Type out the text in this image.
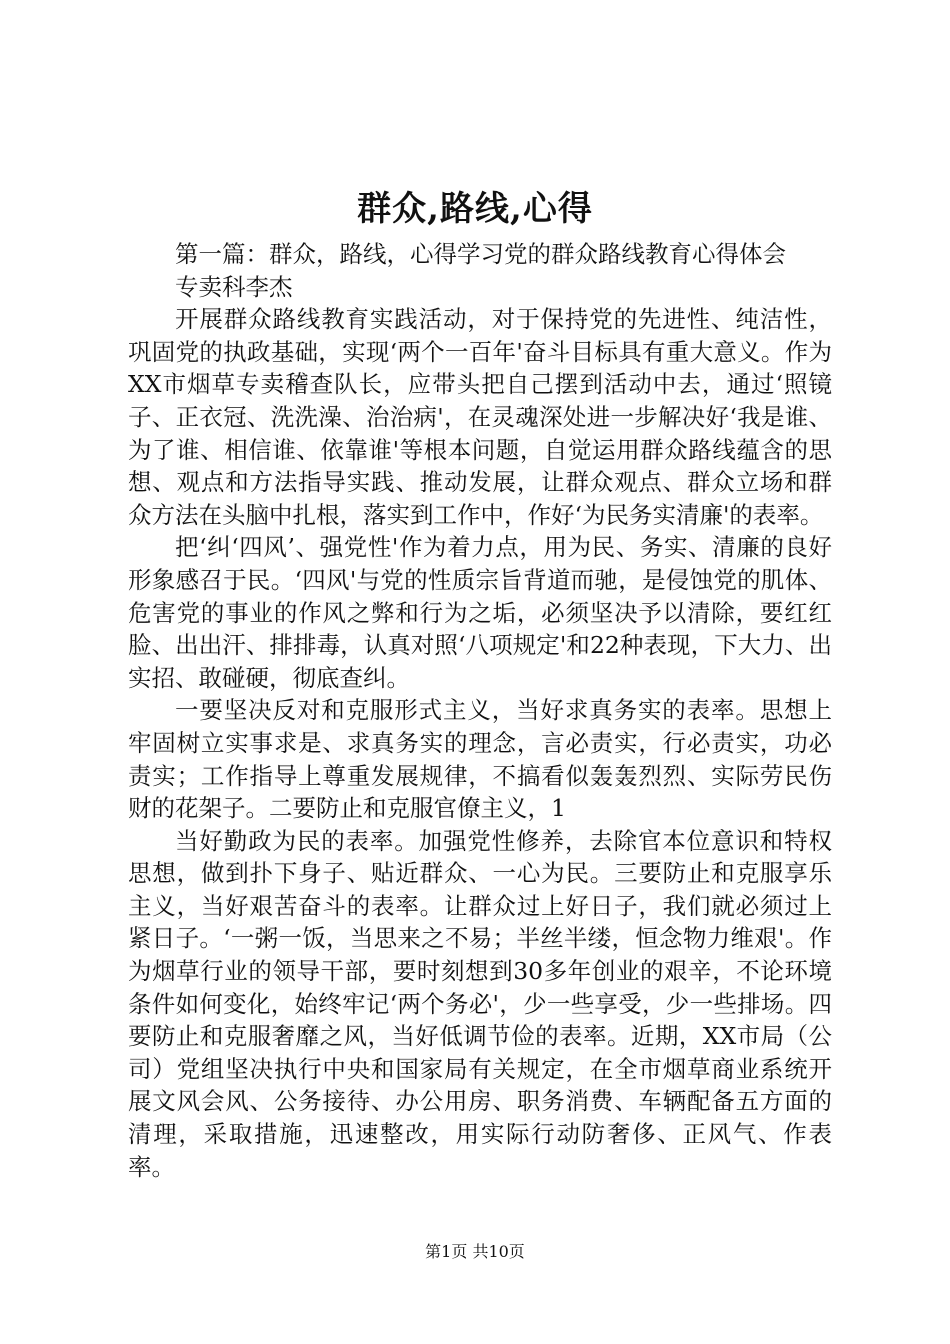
群众,路线,心得

第一篇：群众，路线，心得学习党的群众路线教育心得体会

专卖科李杰

开展群众路线教育实践活动，对于保持党的先进性、纯洁性，巩固党的执政基础，实现‘两个一百年'奋斗目标具有重大意义。作为XX市烟草专卖稽查队长，应带头把自己摆到活动中去，通过‘照镜子、正衣冠、洗洗澡、治治病'，在灵魂深处进一步解决好‘我是谁、为了谁、相信谁、依靠谁'等根本问题，自觉运用群众路线蕴含的思想、观点和方法指导实践、推动发展，让群众观点、群众立场和群众方法在头脑中扎根，落实到工作中，作好‘为民务实清廉'的表率。

把‘纠‘四风’、强党性'作为着力点，用为民、务实、清廉的良好形象感召于民。‘四风'与党的性质宗旨背道而驰，是侵蚀党的肌体、危害党的事业的作风之弊和行为之垢，必须坚决予以清除，要红红脸、出出汗、排排毒，认真对照‘八项规定'和22种表现，下大力、出实招、敢碰硬，彻底查纠。

一要坚决反对和克服形式主义，当好求真务实的表率。思想上牢固树立实事求是、求真务实的理念，言必责实，行必责实，功必责实；工作指导上尊重发展规律，不搞看似轰轰烈烈、实际劳民伤财的花架子。二要防止和克服官僚主义，1

当好勤政为民的表率。加强党性修养，去除官本位意识和特权思想，做到扑下身子、贴近群众、一心为民。三要防止和克服享乐主义，当好艰苦奋斗的表率。让群众过上好日子，我们就必须过上紧日子。‘一粥一饭，当思来之不易；半丝半缕，恒念物力维艰'。作为烟草行业的领导干部，要时刻想到30多年创业的艰辛，不论环境条件如何变化，始终牢记‘两个务必'，少一些享受，少一些排场。四要防止和克服奢靡之风，当好低调节俭的表率。近期，XX市局（公司）党组坚决执行中央和国家局有关规定，在全市烟草商业系统开展文风会风、公务接待、办公用房、职务消费、车辆配备五方面的清理，采取措施，迅速整改，用实际行动防奢侈、正风气、作表率。

第1页 共10页
